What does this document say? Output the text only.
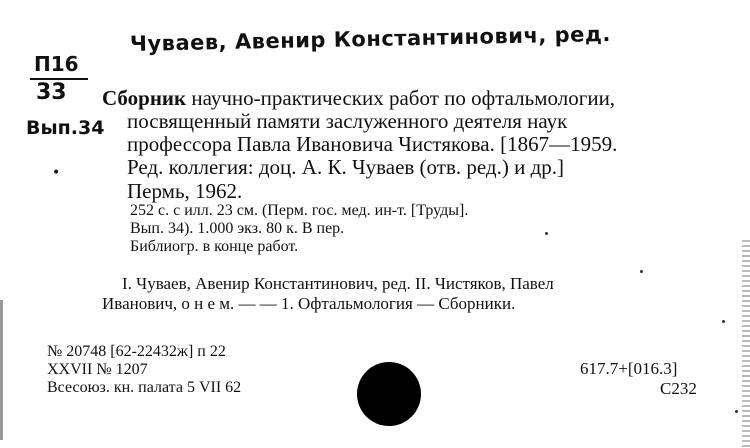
Чуваев, Авенир Константинович, ред.
П16
33
Вып.34
•
Сборник научно-практических работ по офтальмологии,
посвященный памяти заслуженного деятеля наук
профессора Павла Ивановича Чистякова. [1867—1959.
Ред. коллегия: доц. А. К. Чуваев (отв. ред.) и др.]
Пермь, 1962.
252 с. с илл. 23 см. (Перм. гос. мед. ин-т. [Труды].
Вып. 34). 1.000 экз. 80 к. В пер.
Библиогр. в конце работ.
I. Чуваев, Авенир Константинович, ред. II. Чистяков, Павел
Иванович, о н е м. — — 1. Офтальмология — Сборники.
№ 20748 [62-22432ж] п 22
XXVII № 1207
Всесоюз. кн. палата 5 VII 62
617.7+[016.3]
С232
